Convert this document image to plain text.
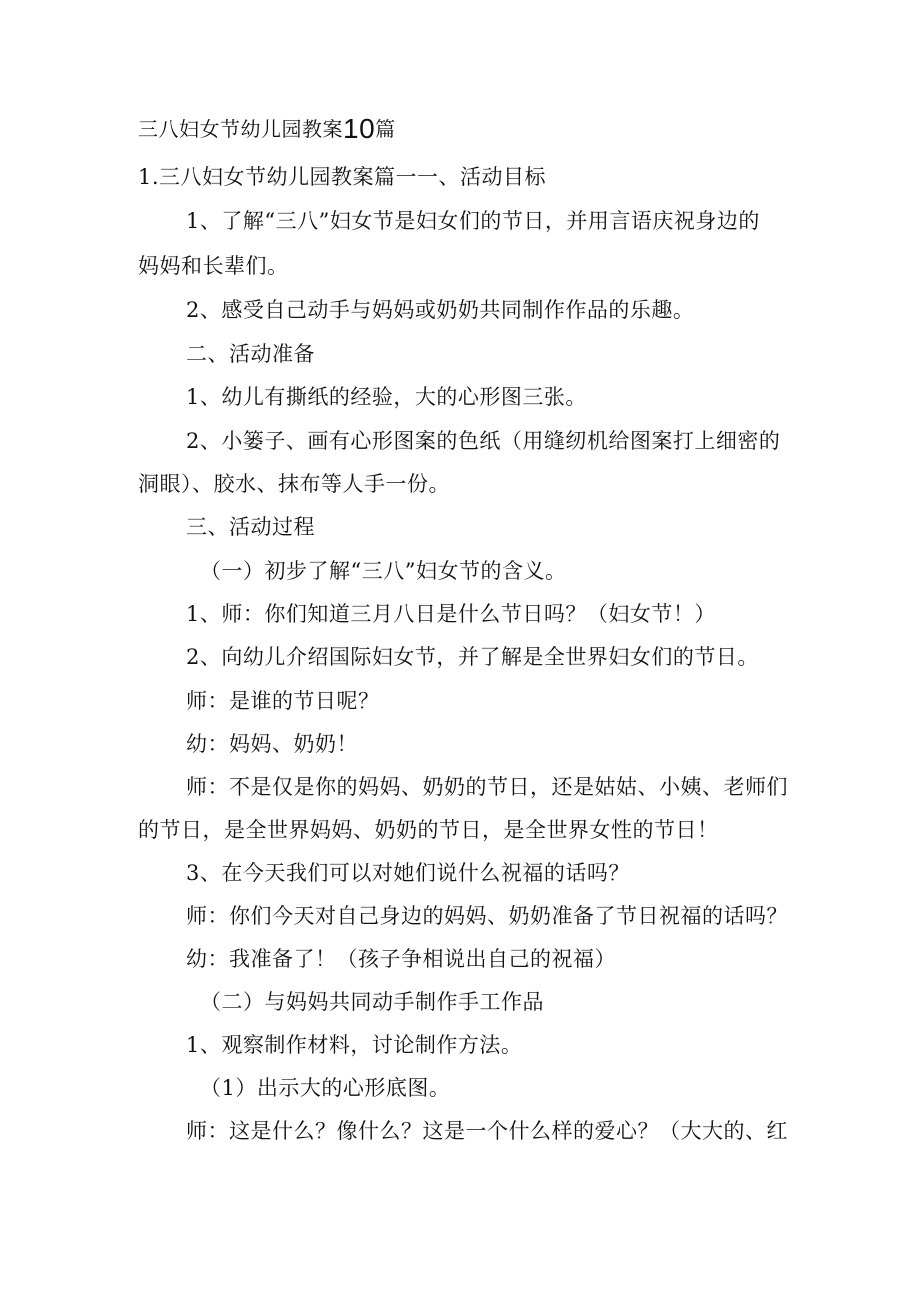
三八妇女节幼儿园教案10篇
1.三八妇女节幼儿园教案篇一一、活动目标
1、了解“三八”妇女节是妇女们的节日，并用言语庆祝身边的
妈妈和长辈们。
2、感受自己动手与妈妈或奶奶共同制作作品的乐趣。
二、活动准备
1、幼儿有撕纸的经验，大的心形图三张。
2、小篓子、画有心形图案的色纸（用缝纫机给图案打上细密的
洞眼）、胶水、抹布等人手一份。
三、活动过程
（一）初步了解“三八”妇女节的含义。
1、师：你们知道三月八日是什么节日吗？（妇女节！）
2、向幼儿介绍国际妇女节，并了解是全世界妇女们的节日。
师：是谁的节日呢？
幼：妈妈、奶奶！
师：不是仅是你的妈妈、奶奶的节日，还是姑姑、小姨、老师们
的节日，是全世界妈妈、奶奶的节日，是全世界女性的节日！
3、在今天我们可以对她们说什么祝福的话吗？
师：你们今天对自己身边的妈妈、奶奶准备了节日祝福的话吗？
幼：我准备了！（孩子争相说出自己的祝福）
（二）与妈妈共同动手制作手工作品
1、观察制作材料，讨论制作方法。
（1）出示大的心形底图。
师：这是什么？像什么？这是一个什么样的爱心？（大大的、红
